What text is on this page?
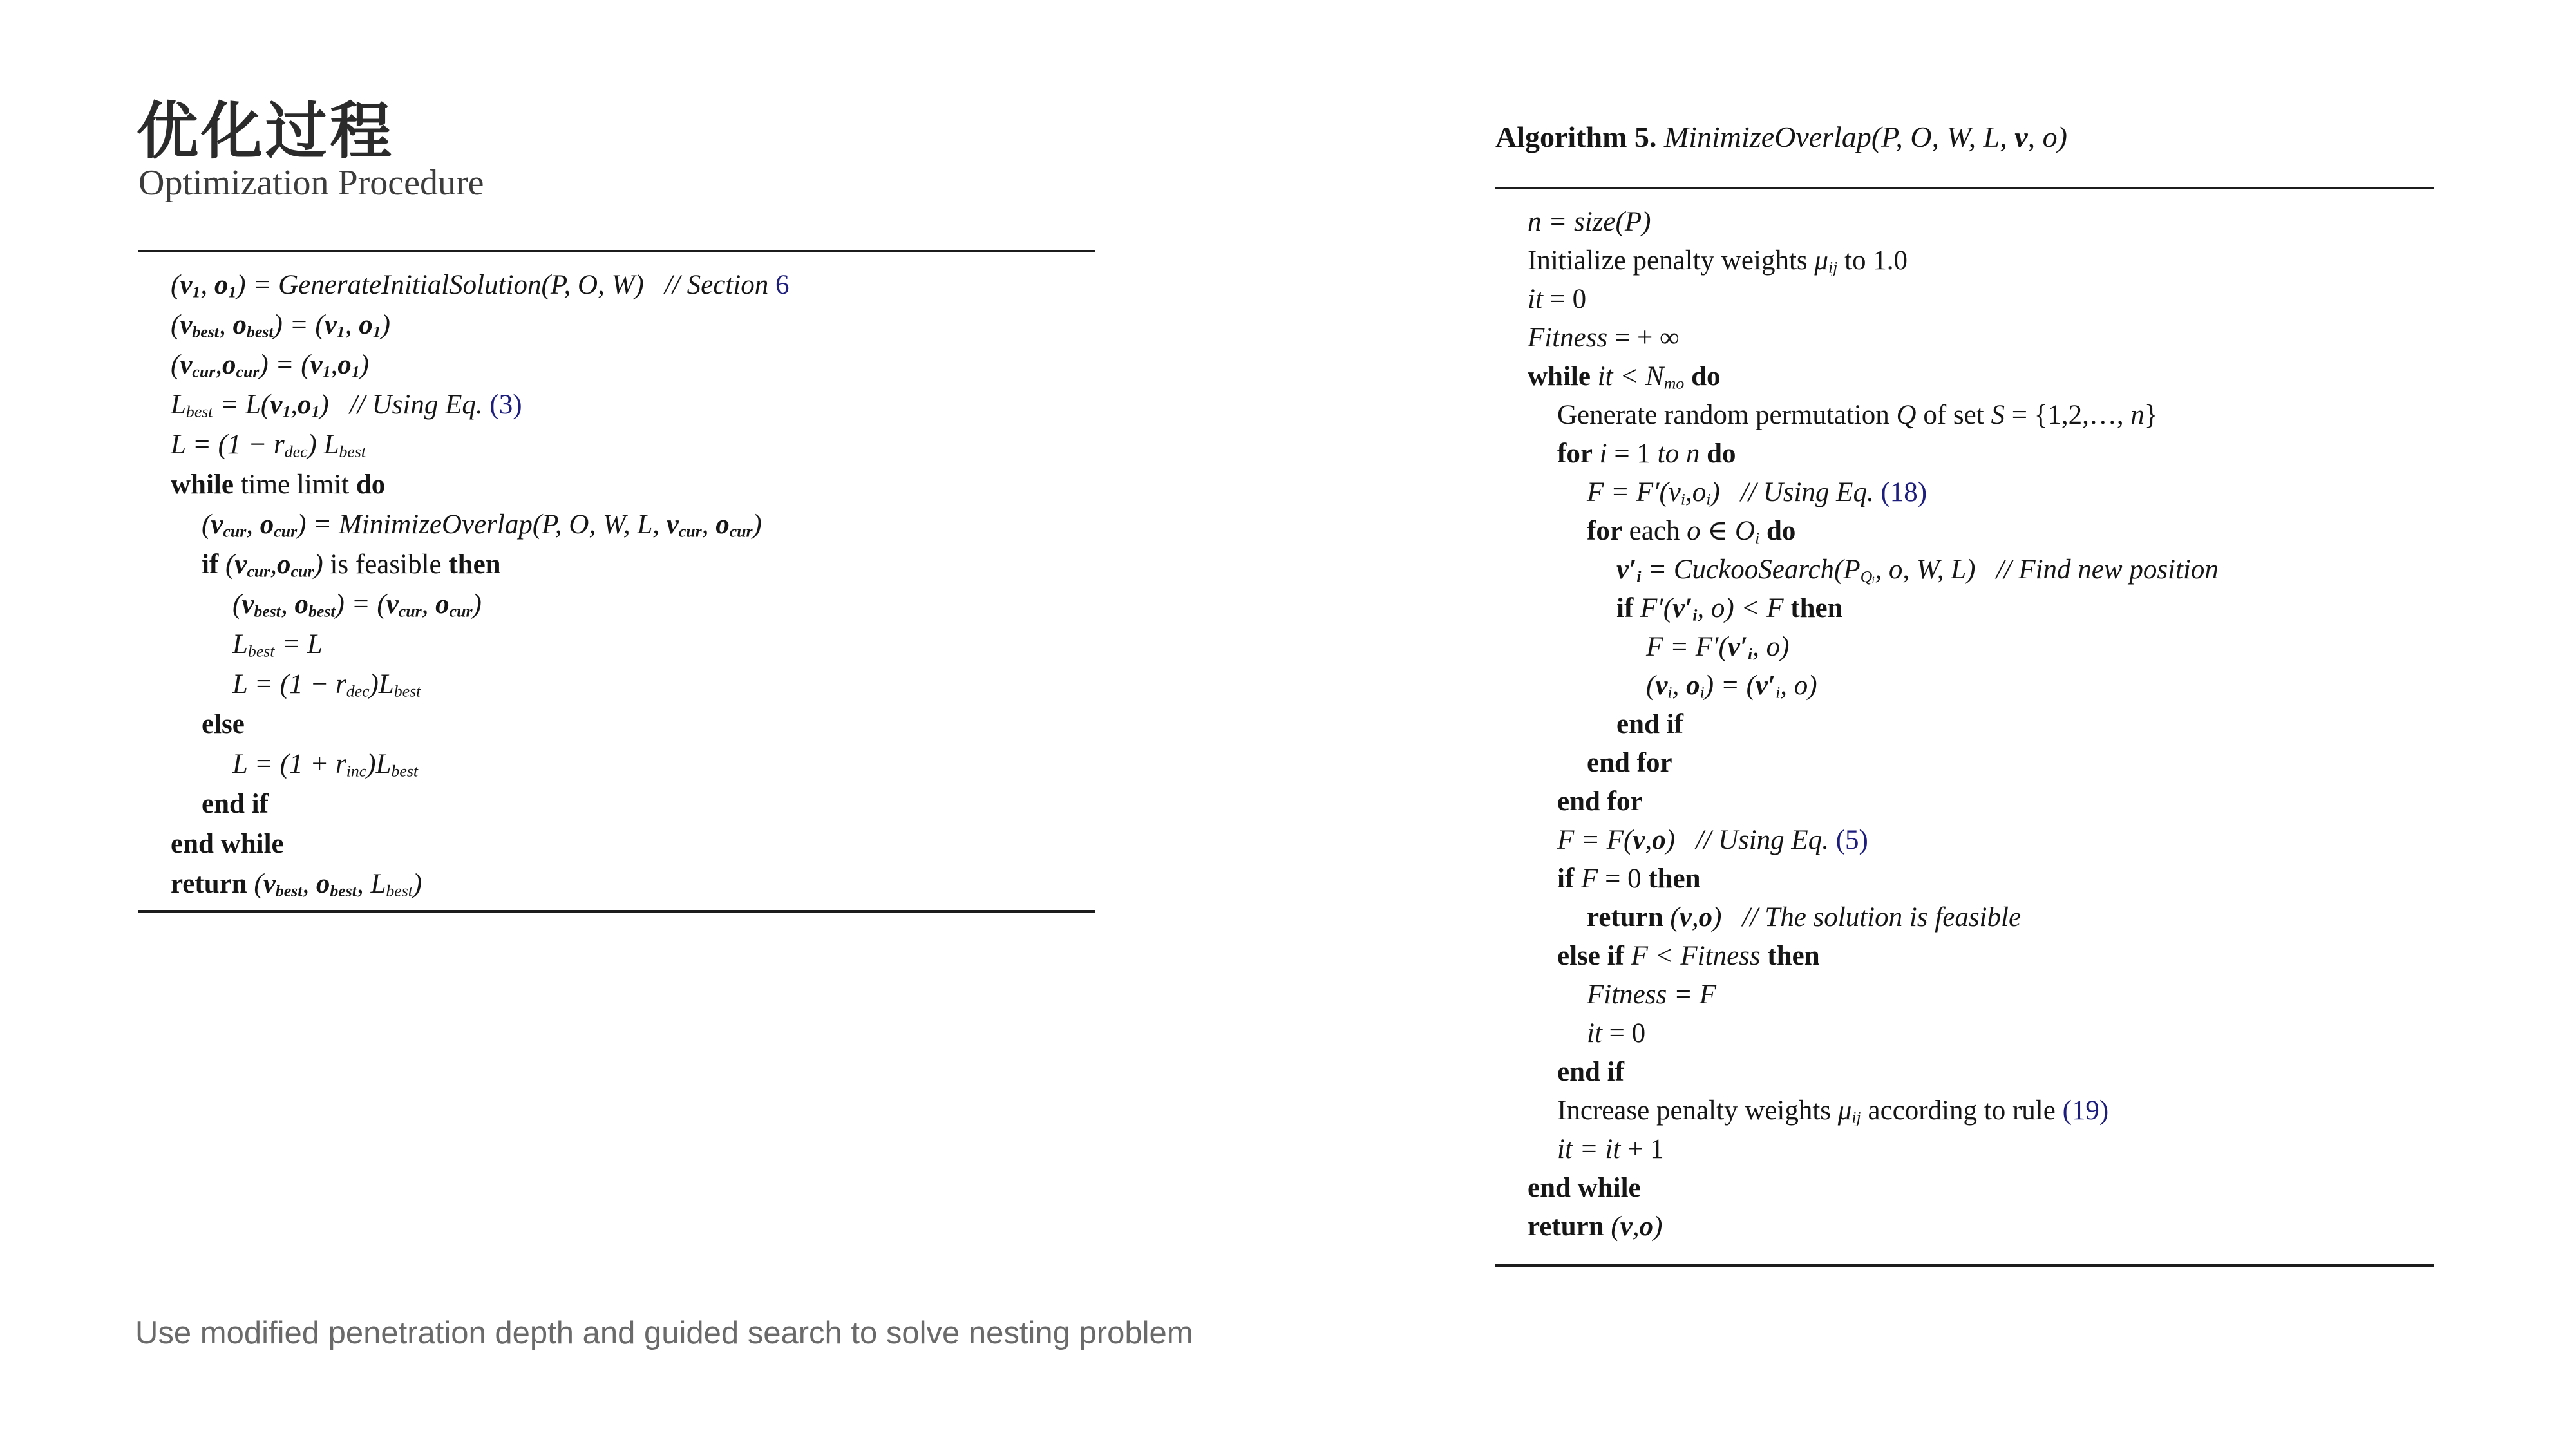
优化过程
Optimization Procedure
($v_1$, $o_1$) = GenerateInitialSolution(P, O, W)   // Section 6
($v_{best}$, $o_{best}) = (v_1$, $o_1$)
$(v_{cur},o_{cur}) = (v_1,o_1)$
$L_{best} = L(v_1,o_1) // Using$ Eq. (3)
$L = (1 - r_{dec})$ $L_{best}$
while time limit do
($v_{cur}$, $o_{cur}$) = MinimizeOverlap(P, O, W, L, $v_{cur}$, $o_{cur}$)
if $(v_{cur},o_{cur})$ is feasible then
($v_{best}$, $o_{best}) = (v_{cur}$, $o_{cur}$)
$L_{best} = L$
$L = (1 - r_{dec})L_{best}$
else
$L = (1 + r_{inc})L_{best}$
end if
end while
return ($v_{best}$, $o_{best}$, $L_{best}$)
Algorithm 5. MinimizeOverlap(P, O, W, L, v, o)
n = size(P)
Initialize penalty weights $\mu_{ij}$ to 1.0
it = 0
Fitness = + ∞
while it < $N_{mo}$ do
Generate random permutation Q of set S = {1,2,…, n}
for i = 1 to n do
$F = F'(v_i,o_i) // Using$ Eq. (18)
for each o ∈ $O_i$ do
$v'_i$ = $CuckooSearch(P_{Qᵢ}$, o, W, L)   // Find new position
if $F'(v'_i$, o) < F then
$F = F'(v'_i$, o)
($v_i$, $o_i) = (v'_i$, o)
end if
end for
end for
F = F(v,o)   // Using Eq. (5)
if F = 0 then
return (v,o)   // The solution is feasible
else if F < Fitness then
Fitness = F
it = 0
end if
Increase penalty weights $\mu_{ij}$ according to rule (19)
it = it + 1
end while
return (v,o)

Use modified penetration depth and guided search to solve nesting problem
